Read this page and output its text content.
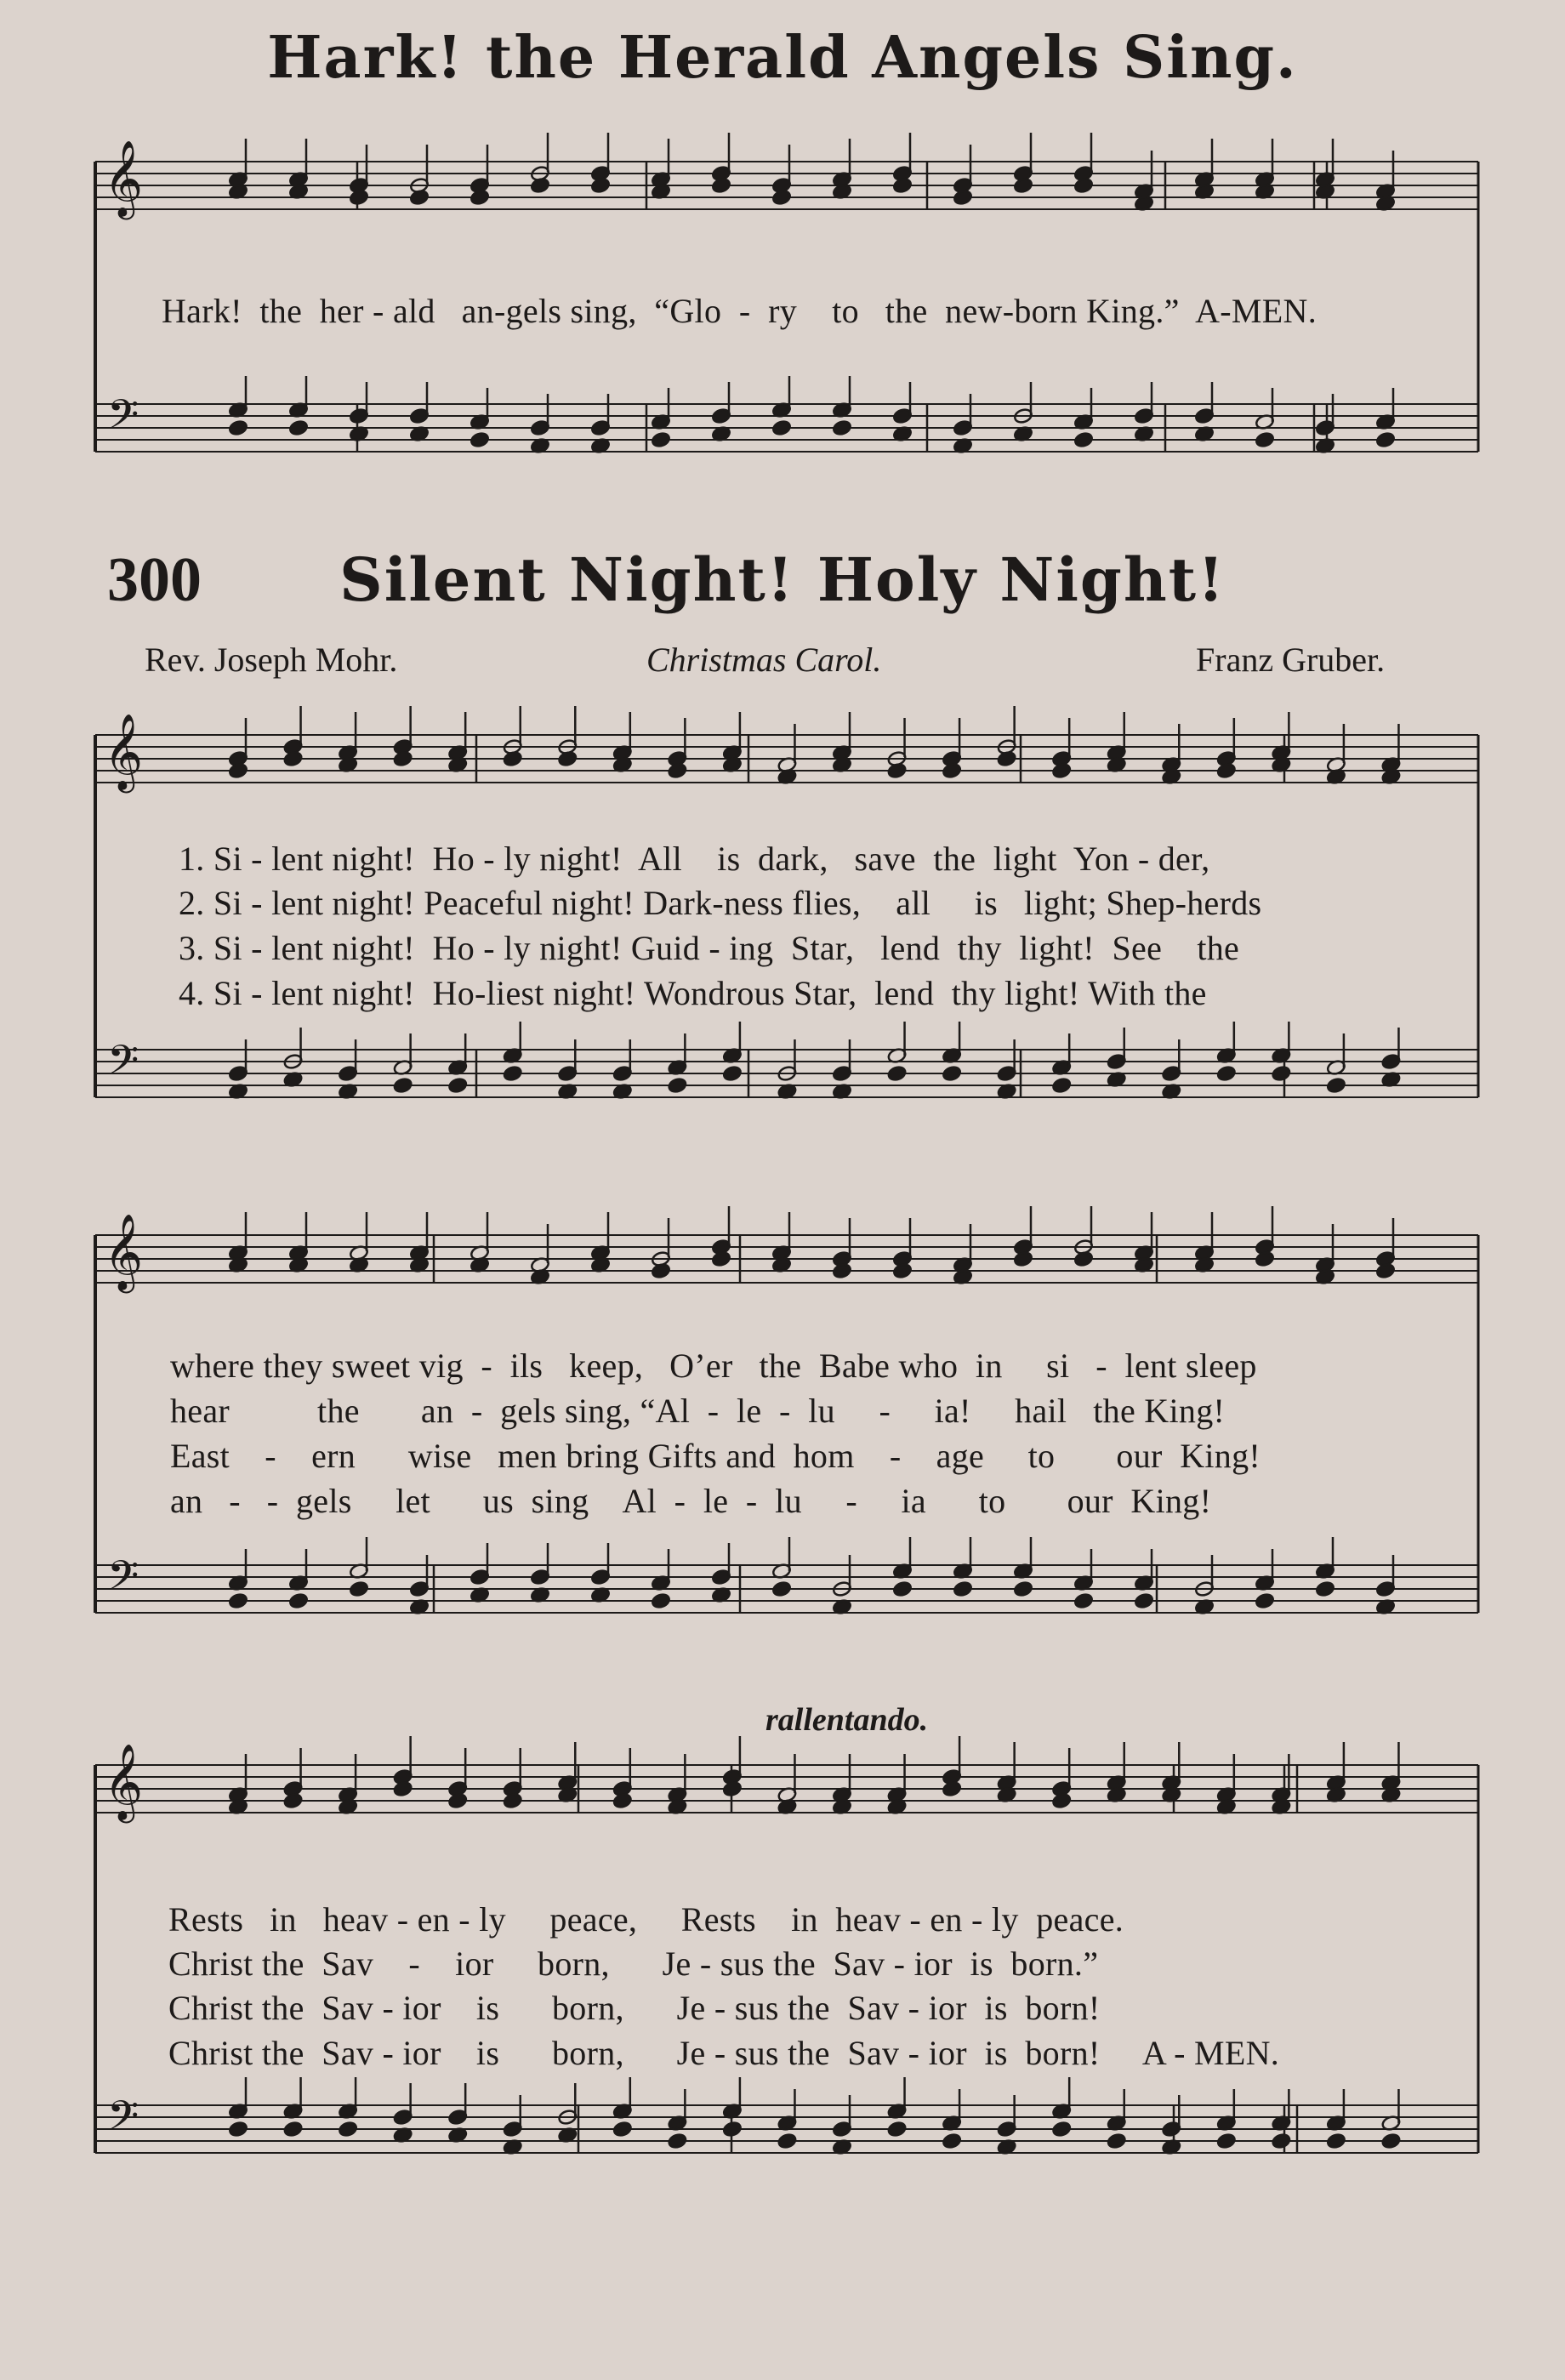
Hark! the Herald Angels Sing.
𝄞
𝄢
𝄞
𝄢
𝄞
𝄢
𝄞
𝄢
Hark!  the  her - ald   an-gels sing,  “Glo  -  ry    to   the  new-born King.”  A-MEN.
300	Silent Night! Holy Night!
Rev. Joseph Mohr.	Christmas Carol.	Franz Gruber.
1. Si - lent night!  Ho - ly night!  All    is  dark,   save  the  light  Yon - der,
2. Si - lent night! Peaceful night! Dark-ness flies,    all     is   light; Shep-herds
3. Si - lent night!  Ho - ly night! Guid - ing  Star,   lend  thy  light!  See    the
4. Si - lent night!  Ho-liest night! Wondrous Star,  lend  thy light! With the
where they sweet vig  -  ils   keep,   O’er   the  Babe who  in     si   -  lent sleep
hear          the       an  -  gels sing, “Al  -  le  -  lu     -     ia!     hail   the King!
East    -    ern      wise   men bring Gifts and  hom    -    age     to       our  King!
an   -   -  gels     let      us  sing    Al  -  le  -  lu     -     ia      to       our  King!
rallentando.
Rests   in   heav - en - ly     peace,     Rests    in  heav - en - ly  peace.
Christ the  Sav    -    ior     born,      Je - sus the  Sav - ior  is  born.”
Christ the  Sav - ior    is      born,      Je - sus the  Sav - ior  is  born!
Christ the  Sav - ior    is      born,      Je - sus the  Sav - ior  is  born!     A - MEN.
